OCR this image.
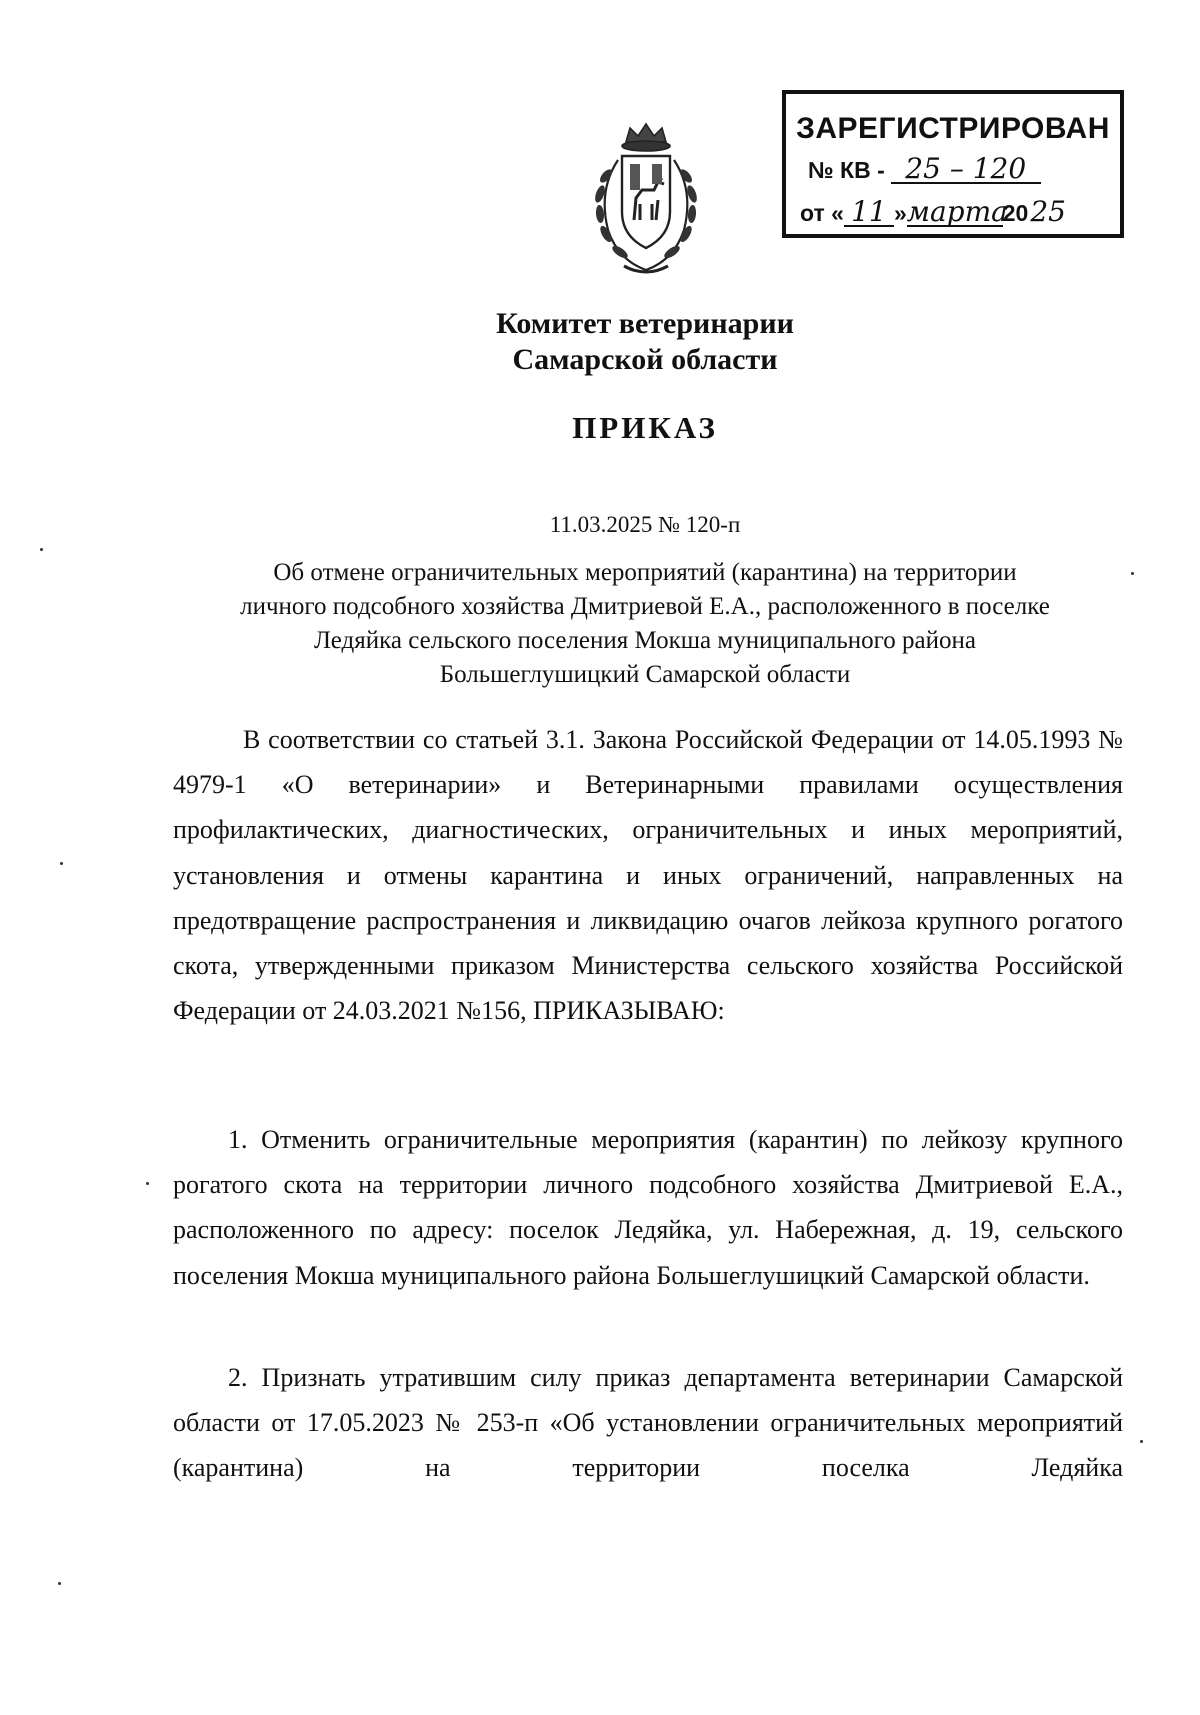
ЗАРЕГИСТРИРОВАН
№ КВ - 25 – 120
от « 11 »марта2025
Комитет ветеринарии
Самарской области
ПРИКАЗ
11.03.2025 № 120-п
Об отмене ограничительных мероприятий (карантина) на территории
личного подсобного хозяйства Дмитриевой Е.А., расположенного в поселке
Ледяйка сельского поселения Мокша муниципального района
Большеглушицкий Самарской области

В соответствии со статьей 3.1. Закона Российской Федерации от 14.05.1993 № 4979-1 «О ветеринарии» и Ветеринарными правилами осуществления профилактических, диагностических, ограничительных и иных мероприятий, установления и отмены карантина и иных ограничений, направленных на предотвращение распространения и ликвидацию очагов лейкоза крупного рогатого скота, утвержденными приказом Министерства сельского хозяйства Российской Федерации от 24.03.2021 №156, ПРИКАЗЫВАЮ:

1. Отменить ограничительные мероприятия (карантин) по лейкозу крупного рогатого скота на территории личного подсобного хозяйства Дмитриевой Е.А., расположенного по адресу: поселок Ледяйка, ул. Набережная, д. 19, сельского поселения Мокша муниципального района Большеглушицкий Самарской области.

2. Признать утратившим силу приказ департамента ветеринарии Самарской области от 17.05.2023 № 253-п «Об установлении ограничительных мероприятий (карантина) на территории поселка Ледяйка
